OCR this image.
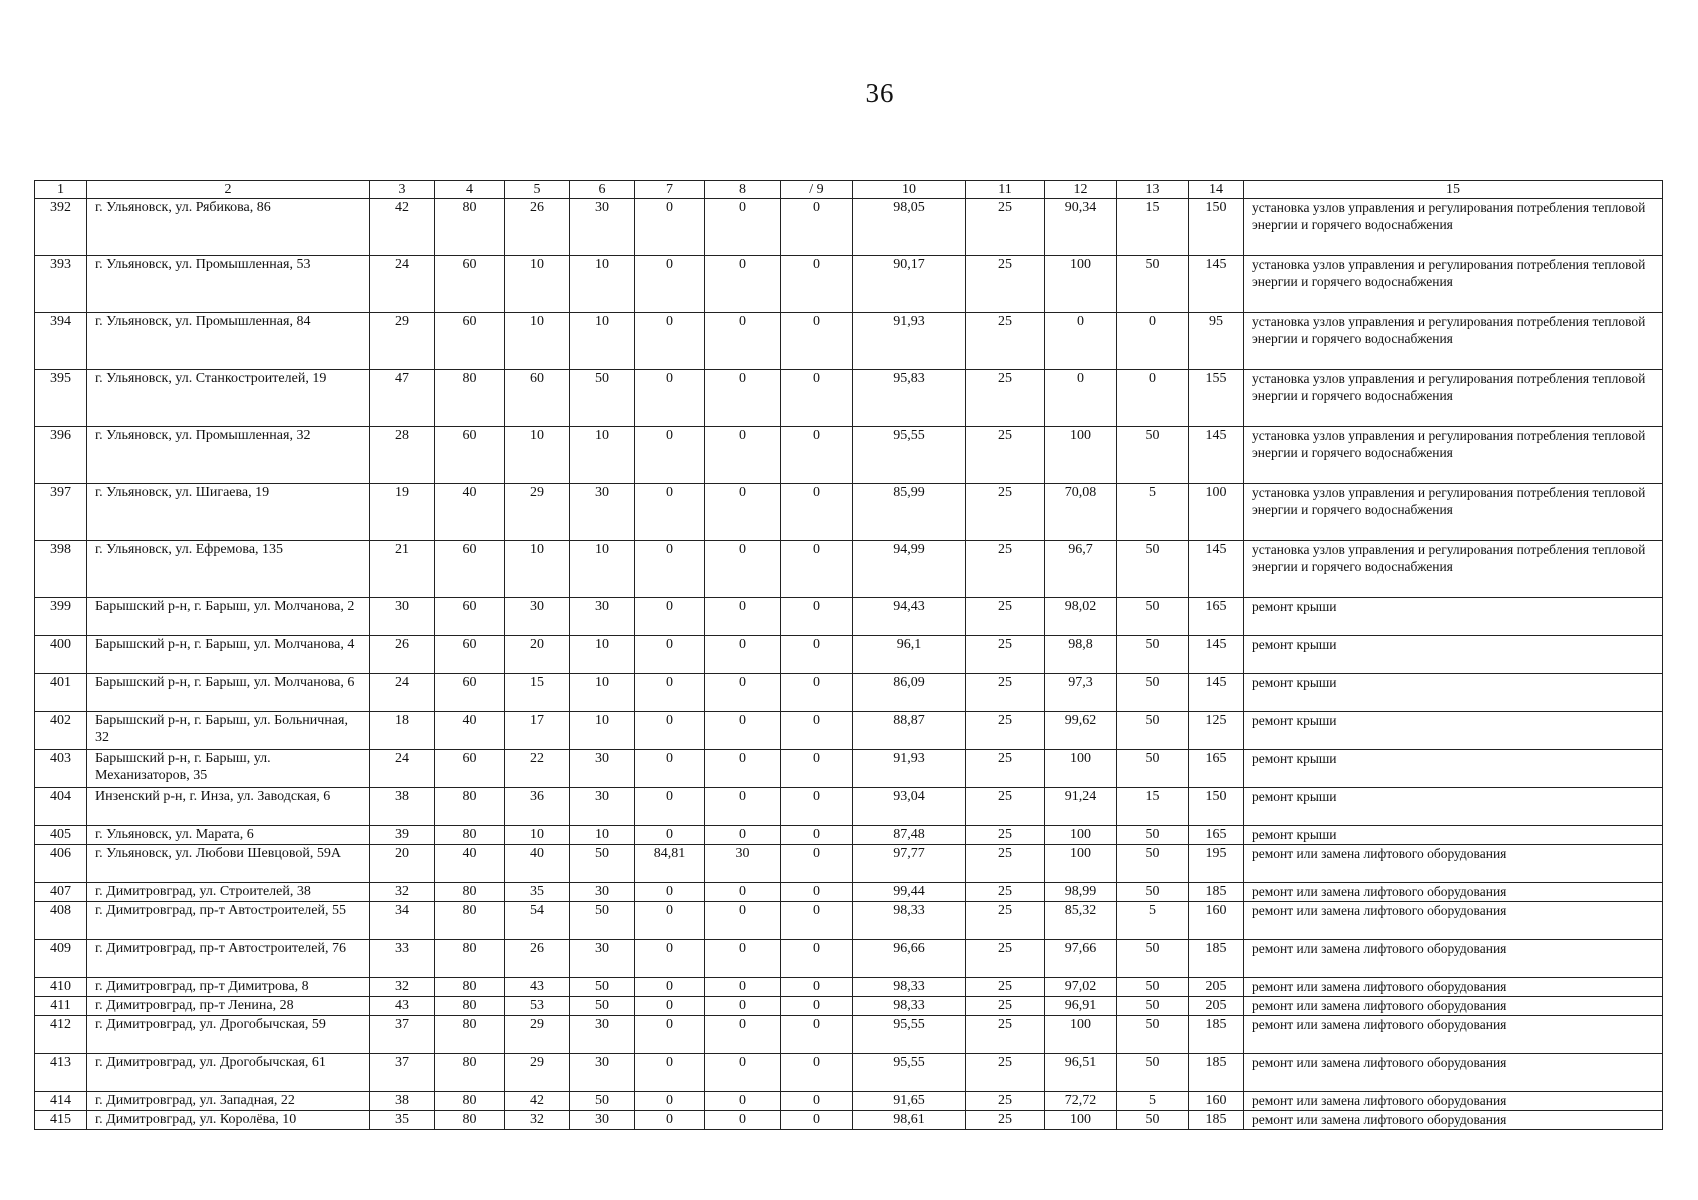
36
1	2	3	4	5	6	7	8	/ 9	10	11	12	13	14	15
392	г. Ульяновск, ул. Рябикова, 86	42	80	26	30	0	0	0	98,05	25	90,34	15	150	установка узлов управления и регулирования потребления тепловой энергии и горячего водоснабжения
393	г. Ульяновск, ул. Промышленная, 53	24	60	10	10	0	0	0	90,17	25	100	50	145	установка узлов управления и регулирования потребления тепловой энергии и горячего водоснабжения
394	г. Ульяновск, ул. Промышленная, 84	29	60	10	10	0	0	0	91,93	25	0	0	95	установка узлов управления и регулирования потребления тепловой энергии и горячего водоснабжения
395	г. Ульяновск, ул. Станкостроителей, 19	47	80	60	50	0	0	0	95,83	25	0	0	155	установка узлов управления и регулирования потребления тепловой энергии и горячего водоснабжения
396	г. Ульяновск, ул. Промышленная, 32	28	60	10	10	0	0	0	95,55	25	100	50	145	установка узлов управления и регулирования потребления тепловой энергии и горячего водоснабжения
397	г. Ульяновск, ул. Шигаева, 19	19	40	29	30	0	0	0	85,99	25	70,08	5	100	установка узлов управления и регулирования потребления тепловой энергии и горячего водоснабжения
398	г. Ульяновск, ул. Ефремова, 135	21	60	10	10	0	0	0	94,99	25	96,7	50	145	установка узлов управления и регулирования потребления тепловой энергии и горячего водоснабжения
399	Барышский р-н, г. Барыш, ул. Молчанова, 2	30	60	30	30	0	0	0	94,43	25	98,02	50	165	ремонт крыши
400	Барышский р-н, г. Барыш, ул. Молчанова, 4	26	60	20	10	0	0	0	96,1	25	98,8	50	145	ремонт крыши
401	Барышский р-н, г. Барыш, ул. Молчанова, 6	24	60	15	10	0	0	0	86,09	25	97,3	50	145	ремонт крыши
402	Барышский р-н, г. Барыш, ул. Больничная, 32	18	40	17	10	0	0	0	88,87	25	99,62	50	125	ремонт крыши
403	Барышский р-н, г. Барыш, ул. Механизаторов, 35	24	60	22	30	0	0	0	91,93	25	100	50	165	ремонт крыши
404	Инзенский р-н, г. Инза, ул. Заводская, 6	38	80	36	30	0	0	0	93,04	25	91,24	15	150	ремонт крыши
405	г. Ульяновск, ул. Марата, 6	39	80	10	10	0	0	0	87,48	25	100	50	165	ремонт крыши
406	г. Ульяновск, ул. Любови Шевцовой, 59А	20	40	40	50	84,81	30	0	97,77	25	100	50	195	ремонт или замена лифтового оборудования
407	г. Димитровград, ул. Строителей, 38	32	80	35	30	0	0	0	99,44	25	98,99	50	185	ремонт или замена лифтового оборудования
408	г. Димитровград, пр-т Автостроителей, 55	34	80	54	50	0	0	0	98,33	25	85,32	5	160	ремонт или замена лифтового оборудования
409	г. Димитровград, пр-т Автостроителей, 76	33	80	26	30	0	0	0	96,66	25	97,66	50	185	ремонт или замена лифтового оборудования
410	г. Димитровград, пр-т Димитрова, 8	32	80	43	50	0	0	0	98,33	25	97,02	50	205	ремонт или замена лифтового оборудования
411	г. Димитровград, пр-т Ленина, 28	43	80	53	50	0	0	0	98,33	25	96,91	50	205	ремонт или замена лифтового оборудования
412	г. Димитровград, ул. Дрогобычская, 59	37	80	29	30	0	0	0	95,55	25	100	50	185	ремонт или замена лифтового оборудования
413	г. Димитровград, ул. Дрогобычская, 61	37	80	29	30	0	0	0	95,55	25	96,51	50	185	ремонт или замена лифтового оборудования
414	г. Димитровград, ул. Западная, 22	38	80	42	50	0	0	0	91,65	25	72,72	5	160	ремонт или замена лифтового оборудования
415	г. Димитровград, ул. Королёва, 10	35	80	32	30	0	0	0	98,61	25	100	50	185	ремонт или замена лифтового оборудования
